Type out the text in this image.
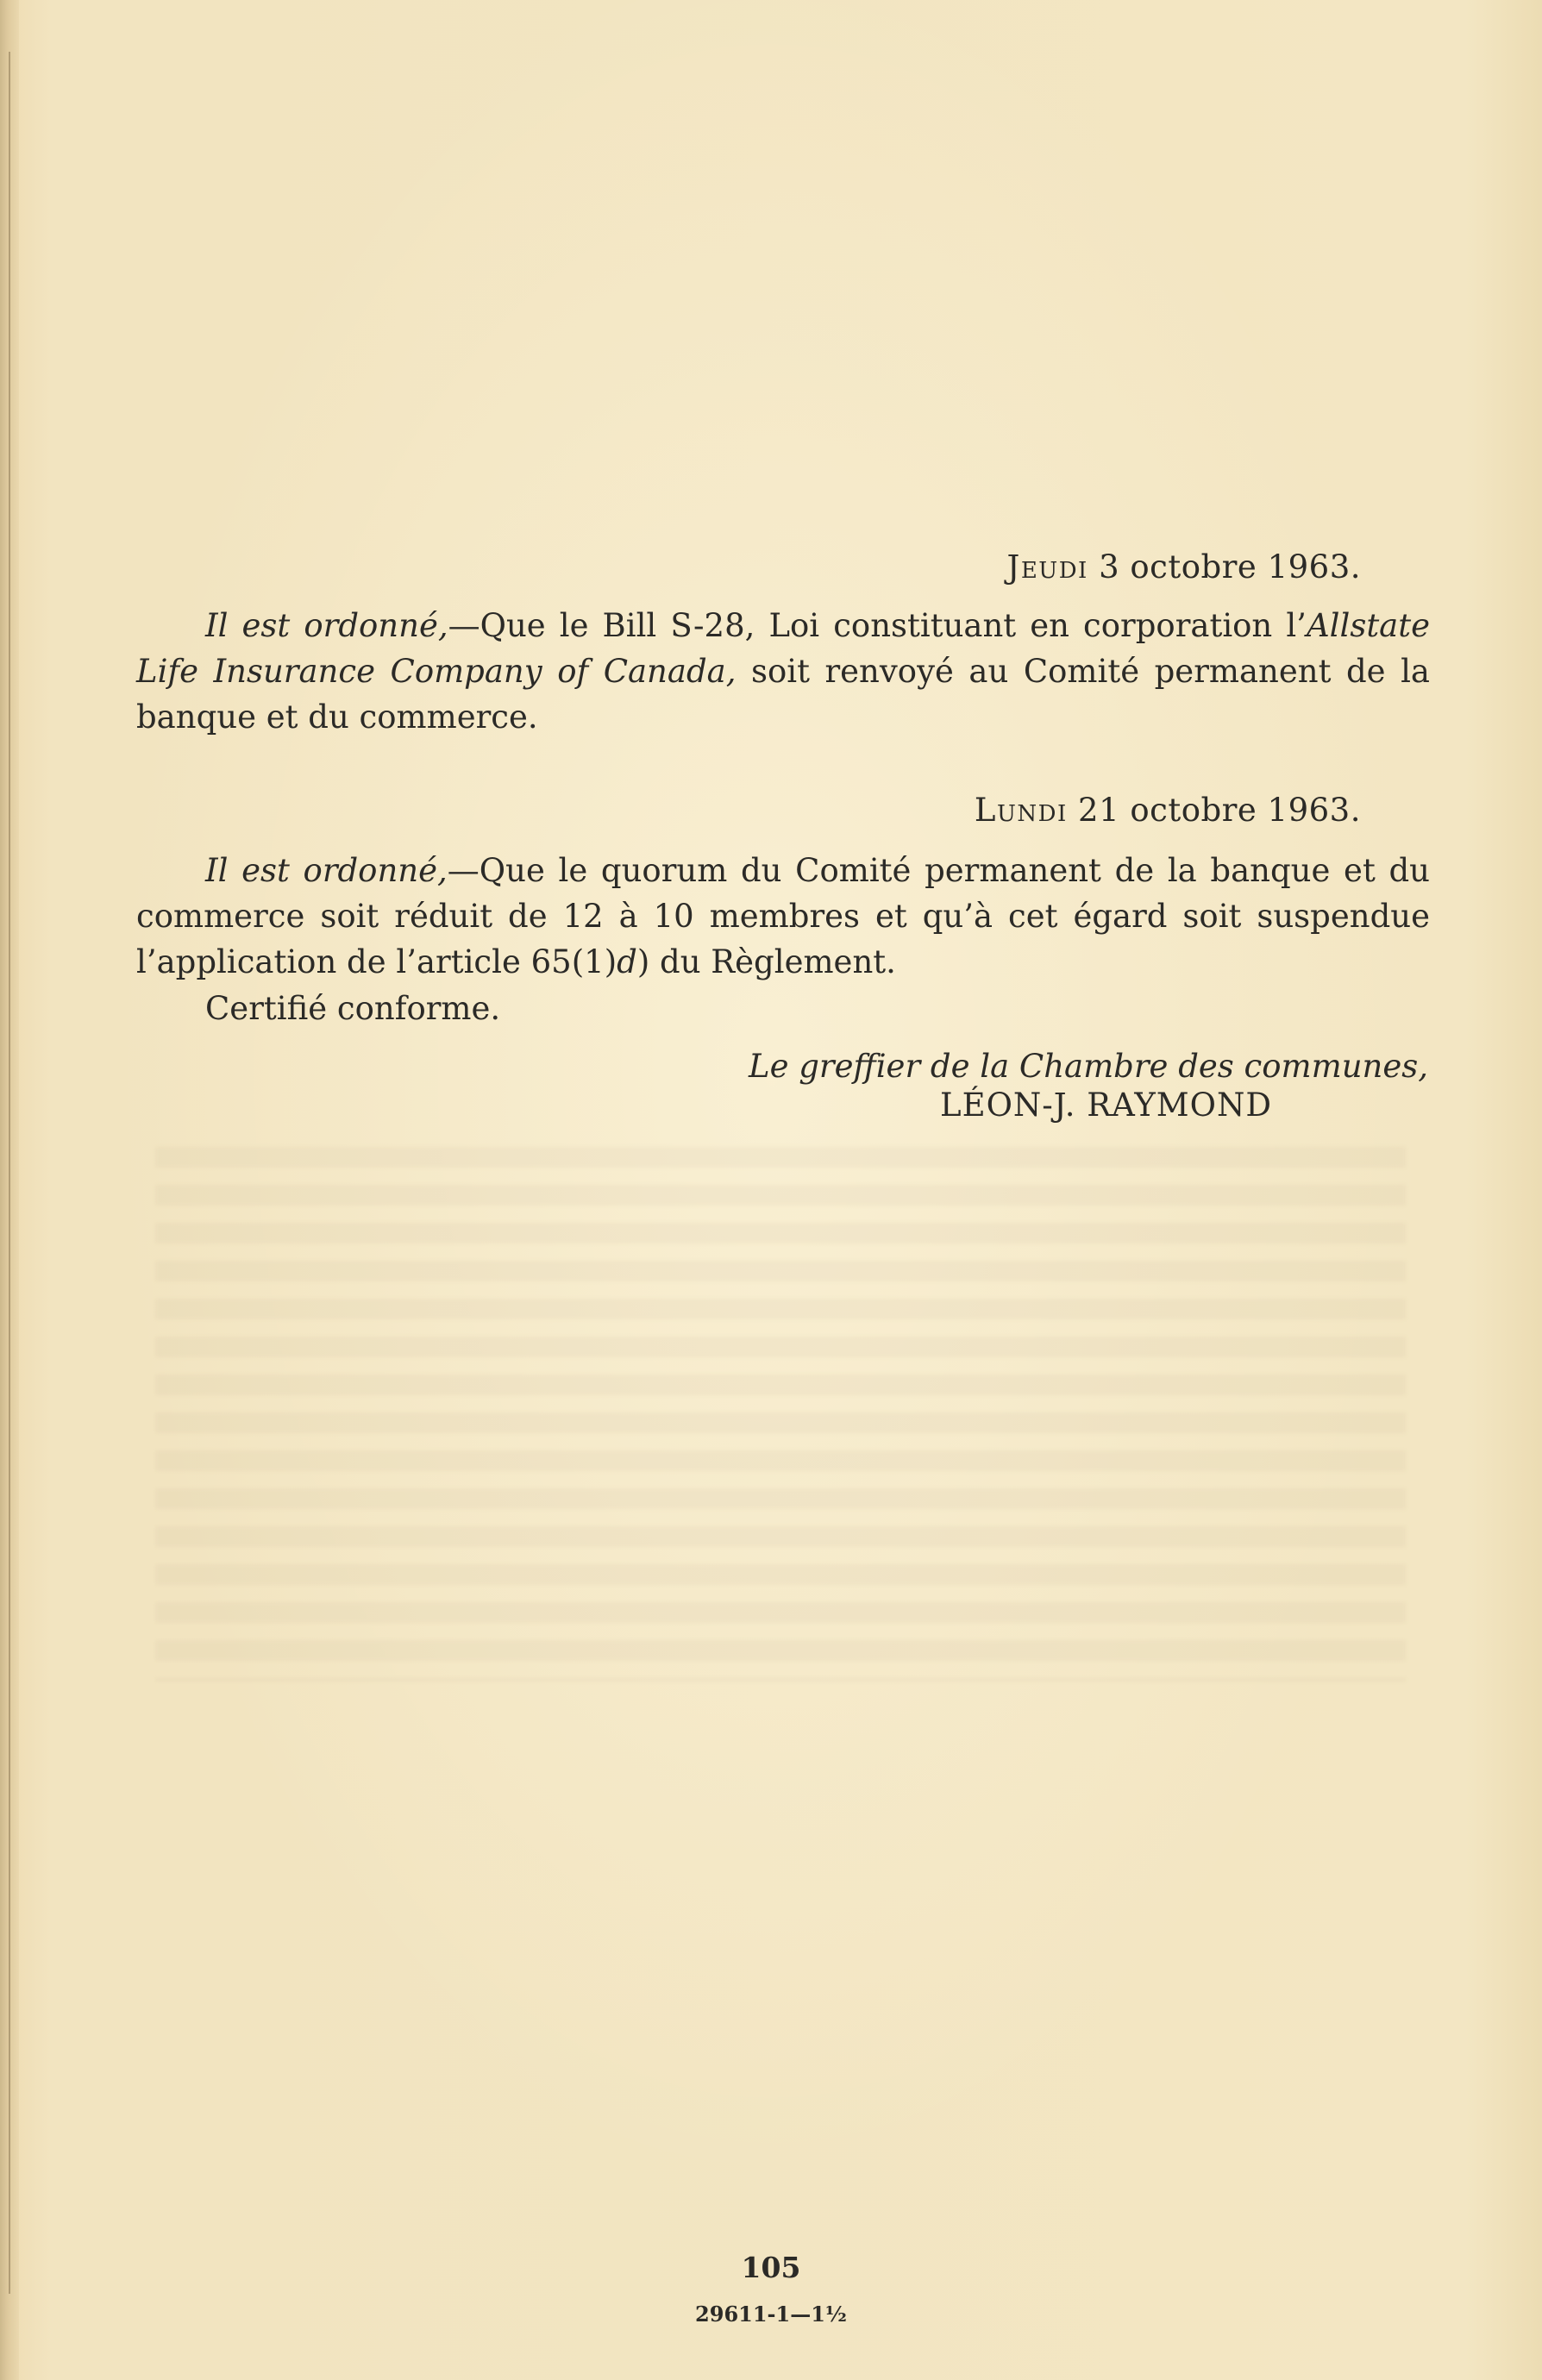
Jeudi 3 octobre 1963.
Il est ordonné,—Que le Bill S-28, Loi constituant en corporation l’Allstate Life Insurance Company of Canada, soit renvoyé au Comité permanent de la banque et du commerce.
Lundi 21 octobre 1963.
Il est ordonné,—Que le quorum du Comité permanent de la banque et du commerce soit réduit de 12 à 10 membres et qu’à cet égard soit suspendue l’application de l’article 65(1)d) du Règlement.
Certifié conforme.
Le greffier de la Chambre des communes,
LÉON-J. RAYMOND
105
29611-1—1½
